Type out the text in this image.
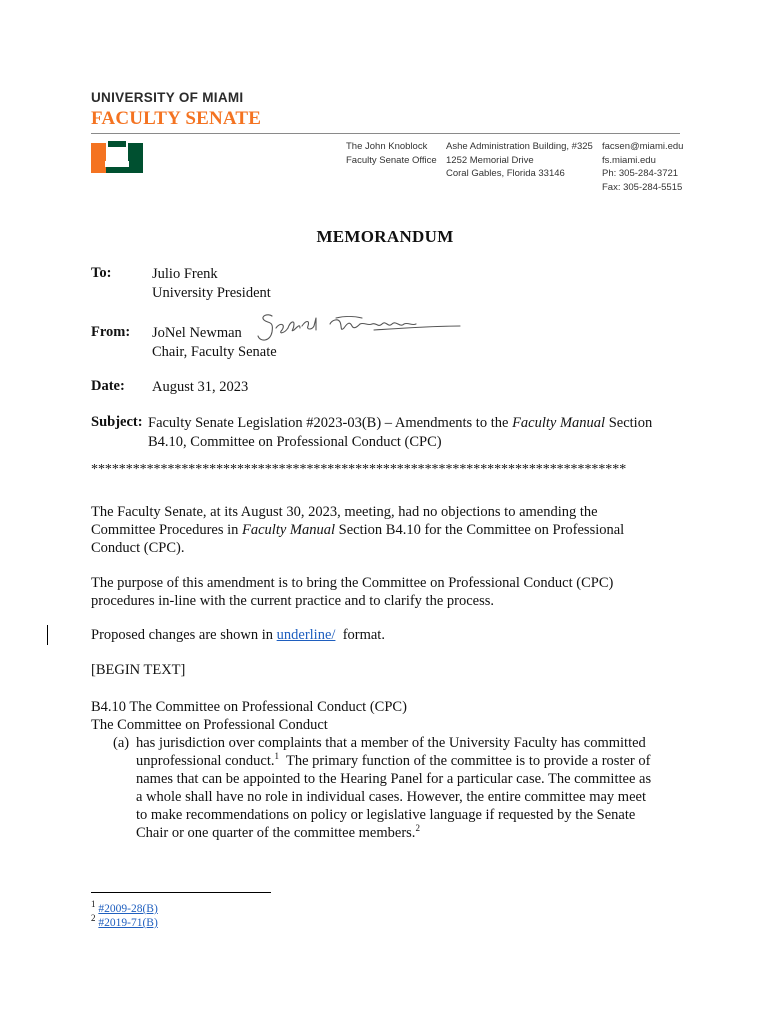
UNIVERSITY OF MIAMI
FACULTY SENATE
The John Knoblock
Faculty Senate Office
Ashe Administration Building, #325
1252 Memorial Drive
Coral Gables, Florida 33146
facsen@miami.edu
fs.miami.edu
Ph: 305-284-3721
Fax: 305-284-5515
MEMORANDUM
To:	Julio Frenk
University President
From: JoNel Newman
Chair, Faculty Senate
Date: August 31, 2023
Subject: Faculty Senate Legislation #2023-03(B) – Amendments to the Faculty Manual Section
B4.10, Committee on Professional Conduct (CPC)
*****************************************************************************
The Faculty Senate, at its August 30, 2023, meeting, had no objections to amending the
Committee Procedures in Faculty Manual Section B4.10 for the Committee on Professional
Conduct (CPC).
The purpose of this amendment is to bring the Committee on Professional Conduct (CPC)
procedures in-line with the current practice and to clarify the process.
Proposed changes are shown in underline/ format.
[BEGIN TEXT]
B4.10 The Committee on Professional Conduct (CPC)
The Committee on Professional Conduct
(a) has jurisdiction over complaints that a member of the University Faculty has committed
unprofessional conduct.$^1$  The primary function of the committee is to provide a roster of
names that can be appointed to the Hearing Panel for a particular case. The committee as
a whole shall have no role in individual cases. However, the entire committee may meet
to make recommendations on policy or legislative language if requested by the Senate
Chair or one quarter of the committee members.$^2$
$^1$ #2009-28(B)
$^2$ #2019-71(B)
